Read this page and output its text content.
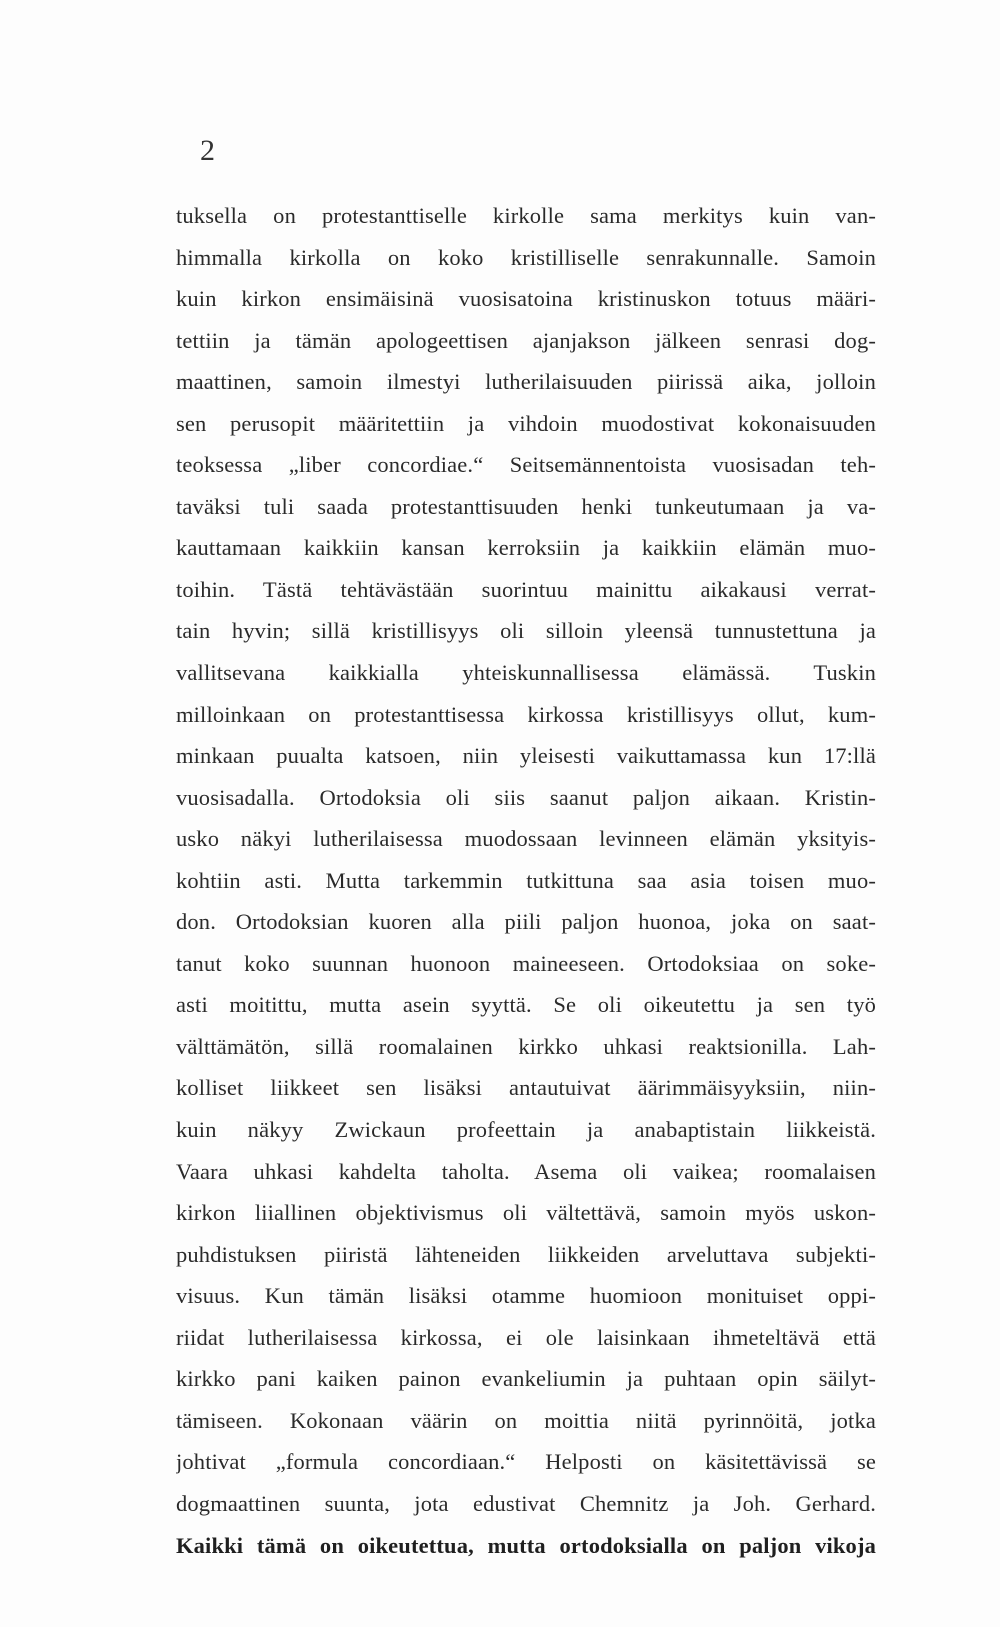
2
tuksella on protestanttiselle kirkolle sama merkitys kuin van-
himmalla kirkolla on koko kristilliselle senrakunnalle. Samoin
kuin kirkon ensimäisinä vuosisatoina kristinuskon totuus määri-
tettiin ja tämän apologeettisen ajanjakson jälkeen senrasi dog-
maattinen, samoin ilmestyi lutherilaisuuden piirissä aika, jolloin
sen perusopit määritettiin ja vihdoin muodostivat kokonaisuuden
teoksessa „liber concordiae.“ Seitsemännentoista vuosisadan teh-
taväksi tuli saada protestanttisuuden henki tunkeutumaan ja va-
kauttamaan kaikkiin kansan kerroksiin ja kaikkiin elämän muo-
toihin. Tästä tehtävästään suorintuu mainittu aikakausi verrat-
tain hyvin; sillä kristillisyys oli silloin yleensä tunnustettuna ja
vallitsevana kaikkialla yhteiskunnallisessa elämässä. Tuskin
milloinkaan on protestanttisessa kirkossa kristillisyys ollut, kum-
minkaan puualta katsoen, niin yleisesti vaikuttamassa kun 17:llä
vuosisadalla. Ortodoksia oli siis saanut paljon aikaan. Kristin-
usko näkyi lutherilaisessa muodossaan levinneen elämän yksityis-
kohtiin asti. Mutta tarkemmin tutkittuna saa asia toisen muo-
don. Ortodoksian kuoren alla piili paljon huonoa, joka on saat-
tanut koko suunnan huonoon maineeseen. Ortodoksiaa on soke-
asti moitittu, mutta asein syyttä. Se oli oikeutettu ja sen työ
välttämätön, sillä roomalainen kirkko uhkasi reaktsionilla. Lah-
kolliset liikkeet sen lisäksi antautuivat äärimmäisyyksiin, niin-
kuin näkyy Zwickaun profeettain ja anabaptistain liikkeistä.
Vaara uhkasi kahdelta taholta. Asema oli vaikea; roomalaisen
kirkon liiallinen objektivismus oli vältettävä, samoin myös uskon-
puhdistuksen piiristä lähteneiden liikkeiden arveluttava subjekti-
visuus. Kun tämän lisäksi otamme huomioon monituiset oppi-
riidat lutherilaisessa kirkossa, ei ole laisinkaan ihmeteltävä että
kirkko pani kaiken painon evankeliumin ja puhtaan opin säilyt-
tämiseen. Kokonaan väärin on moittia niitä pyrinnöitä, jotka
johtivat „formula concordiaan.“ Helposti on käsitettävissä se
dogmaattinen suunta, jota edustivat Chemnitz ja Joh. Gerhard.
Kaikki tämä on oikeutettua, mutta ortodoksialla on paljon vikoja
